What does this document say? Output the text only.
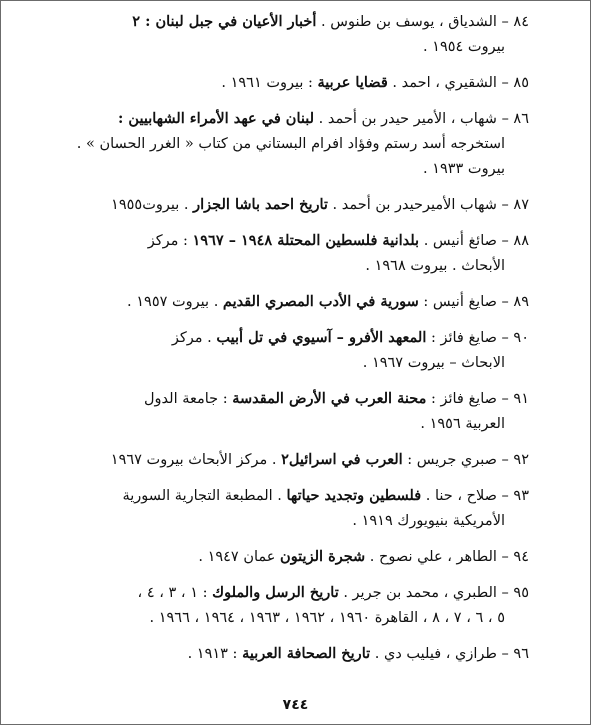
٨٤ – الشدياق ، يوسف بن طنوس . أخبار الأعيان في جبل لبنان : ٢
بيروت ١٩٥٤ .
٨٥ – الشقيري ، احمد . قضايا عربية : بيروت ١٩٦١ .
٨٦ – شهاب ، الأمير حيدر بن أحمد . لبنان في عهد الأمراء الشهابيين :
استخرجه أسد رستم وفؤاد افرام البستاني من كتاب « الغرر الحسان » .
بيروت ١٩٣٣ .
٨٧ – شهاب الأميرحيدر بن أحمد . تاريخ احمد باشا الجزار . بيروت١٩٥٥
٨٨ – صائغ أنيس . بلدانية فلسطين المحتلة ١٩٤٨ – ١٩٦٧ : مركز
الأبحاث . بيروت ١٩٦٨ .
٨٩ – صايغ أنيس : سورية في الأدب المصري القديم . بيروت ١٩٥٧ .
٩٠ – صايغ فائز : المعهد الأفرو – آسيوي في تل أبيب . مركز
الابحاث – بيروت ١٩٦٧ .
٩١ – صايغ فائز : محنة العرب في الأرض المقدسة : جامعة الدول
العربية ١٩٥٦ .
٩٢ – صبري جريس : العرب في اسرائيل٢ . مركز الأبحاث بيروت ١٩٦٧
٩٣ – صلاح ، حنا . فلسطين وتجديد حياتها . المطبعة التجارية السورية
الأمريكية بنيويورك ١٩١٩ .
٩٤ – الطاهر ، علي نصوح . شجرة الزيتون عمان ١٩٤٧ .
٩٥ – الطبري ، محمد بن جرير . تاريخ الرسل والملوك : ١ ، ٣ ، ٤ ،
٥ ، ٦ ، ٧ ، ٨ ، القاهرة ١٩٦٠ ، ١٩٦٢ ، ١٩٦٣ ، ١٩٦٤ ، ١٩٦٦ .
٩٦ – طرازي ، فيليب دي . تاريخ الصحافة العربية : ١٩١٣ .
٧٤٤
